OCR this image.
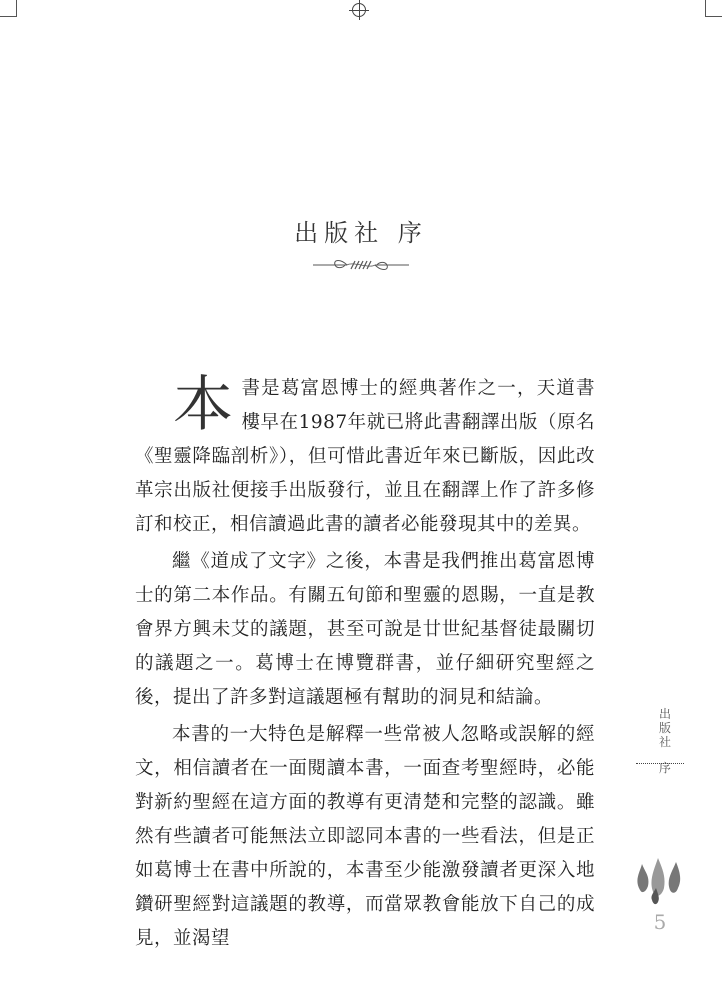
出版社 序

本書是葛富恩博士的經典著作之一，天道書樓早在1987年就已將此書翻譯出版（原名《聖靈降臨剖析》），但可惜此書近年來已斷版，因此改革宗出版社便接手出版發行，並且在翻譯上作了許多修訂和校正，相信讀過此書的讀者必能發現其中的差異。

繼《道成了文字》之後，本書是我們推出葛富恩博士的第二本作品。有關五旬節和聖靈的恩賜，一直是教會界方興未艾的議題，甚至可說是廿世紀基督徒最關切的議題之一。葛博士在博覽群書，並仔細研究聖經之後，提出了許多對這議題極有幫助的洞見和結論。

本書的一大特色是解釋一些常被人忽略或誤解的經文，相信讀者在一面閱讀本書，一面查考聖經時，必能對新約聖經在這方面的教導有更清楚和完整的認識。雖然有些讀者可能無法立即認同本書的一些看法，但是正如葛博士在書中所說的，本書至少能激發讀者更深入地鑽研聖經對這議題的教導，而當眾教會能放下自己的成見，並渴望

出
版
社
序
5
